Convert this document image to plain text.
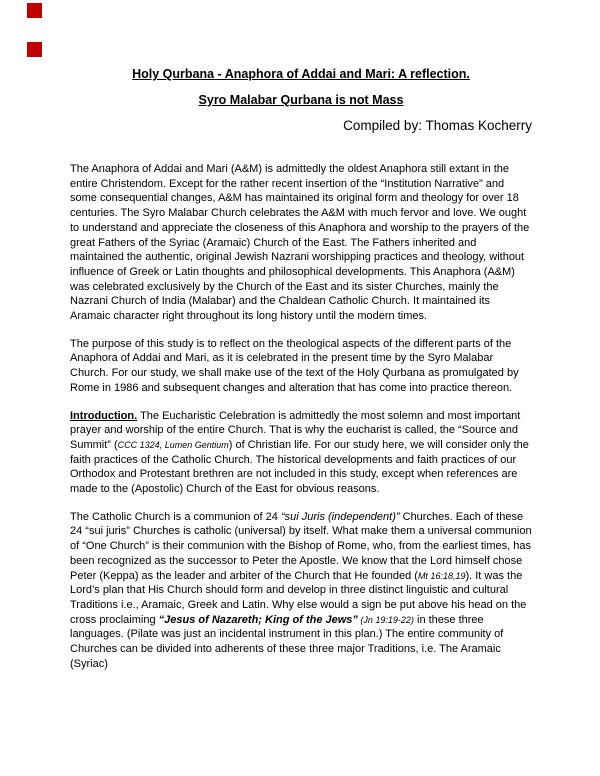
Holy Qurbana - Anaphora of Addai and Mari: A reflection.
Syro Malabar Qurbana is not Mass
Compiled by: Thomas Kocherry

The Anaphora of Addai and Mari (A&M) is admittedly the oldest Anaphora still extant in the entire Christendom. Except for the rather recent insertion of the “Institution Narrative” and some consequential changes, A&M has maintained its original form and theology for over 18 centuries. The Syro Malabar Church celebrates the A&M with much fervor and love. We ought to understand and appreciate the closeness of this Anaphora and worship to the prayers of the great Fathers of the Syriac (Aramaic) Church of the East. The Fathers inherited and maintained the authentic, original Jewish Nazrani worshipping practices and theology, without influence of Greek or Latin thoughts and philosophical developments. This Anaphora (A&M) was celebrated exclusively by the Church of the East and its sister Churches, mainly the Nazrani Church of India (Malabar) and the Chaldean Catholic Church. It maintained its Aramaic character right throughout its long history until the modern times.

The purpose of this study is to reflect on the theological aspects of the different parts of the Anaphora of Addai and Mari, as it is celebrated in the present time by the Syro Malabar Church. For our study, we shall make use of the text of the Holy Qurbana as promulgated by Rome in 1986 and subsequent changes and alteration that has come into practice thereon.

Introduction. The Eucharistic Celebration is admittedly the most solemn and most important prayer and worship of the entire Church. That is why the eucharist is called, the “Source and Summit” (CCC 1324, Lumen Gentium) of Christian life. For our study here, we will consider only the faith practices of the Catholic Church. The historical developments and faith practices of our Orthodox and Protestant brethren are not included in this study, except when references are made to the (Apostolic) Church of the East for obvious reasons.

The Catholic Church is a communion of 24 “sui Juris (independent)” Churches. Each of these 24 “sui juris” Churches is catholic (universal) by itself. What make them a universal communion of “One Church” is their communion with the Bishop of Rome, who, from the earliest times, has been recognized as the successor to Peter the Apostle. We know that the Lord himself chose Peter (Keppa) as the leader and arbiter of the Church that He founded (Mt 16:18,19). It was the Lord’s plan that His Church should form and develop in three distinct linguistic and cultural Traditions i.e., Aramaic, Greek and Latin. Why else would a sign be put above his head on the cross proclaiming “Jesus of Nazareth; King of the Jews” (Jn 19:19-22) in these three languages. (Pilate was just an incidental instrument in this plan.) The entire community of Churches can be divided into adherents of these three major Traditions, i.e. The Aramaic (Syriac)
